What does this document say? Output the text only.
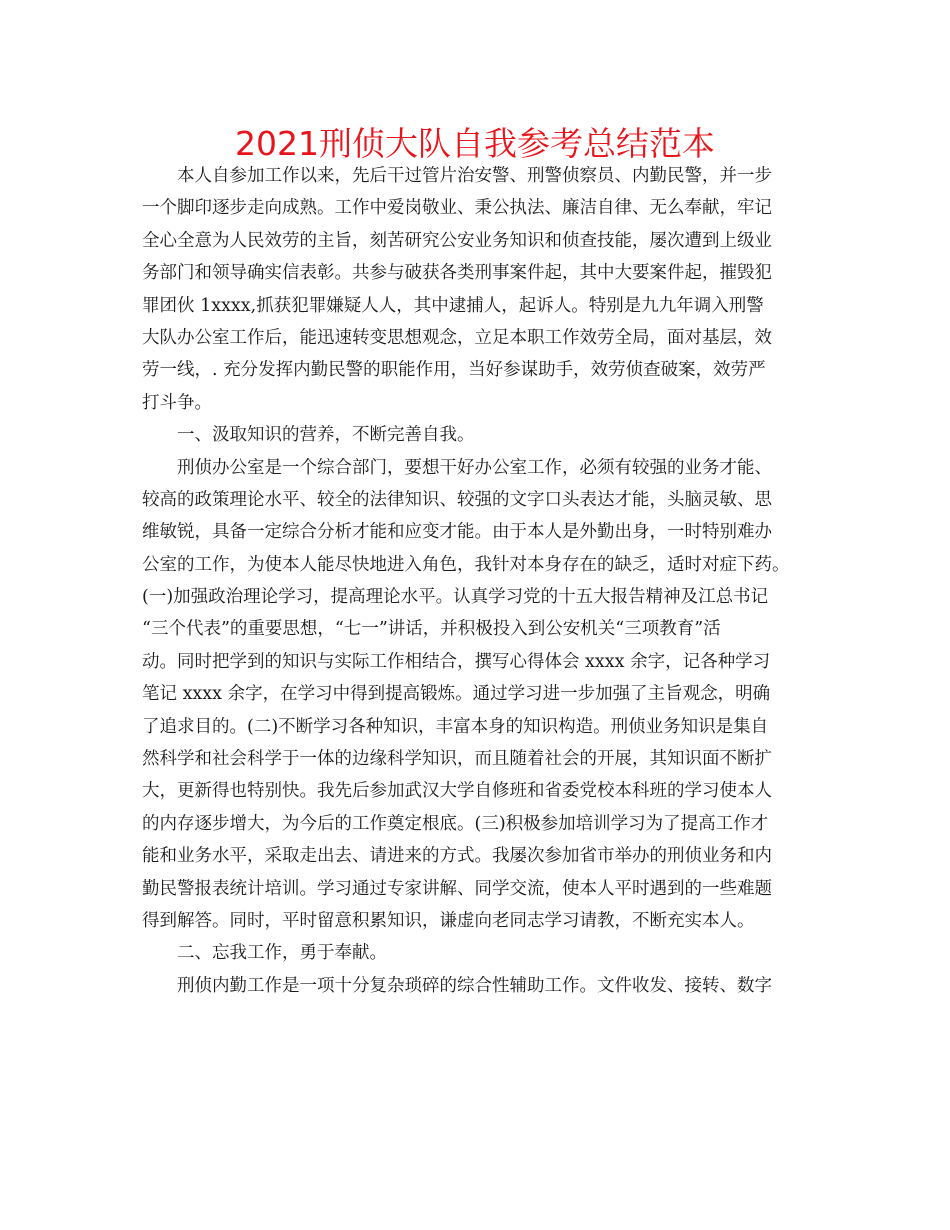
2021刑侦大队自我参考总结范本
本人自参加工作以来，先后干过管片治安警、刑警侦察员、内勤民警，并一步
一个脚印逐步走向成熟。工作中爱岗敬业、秉公执法、廉洁自律、无么奉献，牢记
全心全意为人民效劳的主旨，刻苦研究公安业务知识和侦查技能，屡次遭到上级业
务部门和领导确实信表彰。共参与破获各类刑事案件起，其中大要案件起，摧毁犯
罪团伙 1xxxx,抓获犯罪嫌疑人人，其中逮捕人，起诉人。特别是九九年调入刑警
大队办公室工作后，能迅速转变思想观念，立足本职工作效劳全局，面对基层，效
劳一线，. 充分发挥内勤民警的职能作用，当好参谋助手，效劳侦查破案，效劳严
打斗争。
一、汲取知识的营养，不断完善自我。
刑侦办公室是一个综合部门，要想干好办公室工作，必须有较强的业务才能、
较高的政策理论水平、较全的法律知识、较强的文字口头表达才能，头脑灵敏、思
维敏锐，具备一定综合分析才能和应变才能。由于本人是外勤出身，一时特别难办
公室的工作，为使本人能尽快地进入角色，我针对本身存在的缺乏，适时对症下药。
(一)加强政治理论学习，提高理论水平。认真学习党的十五大报告精神及江总书记
“三个代表”的重要思想，“七一”讲话，并积极投入到公安机关“三项教育”活
动。同时把学到的知识与实际工作相结合，撰写心得体会 xxxx 余字，记各种学习
笔记 xxxx 余字，在学习中得到提高锻炼。通过学习进一步加强了主旨观念，明确
了追求目的。(二)不断学习各种知识，丰富本身的知识构造。刑侦业务知识是集自
然科学和社会科学于一体的边缘科学知识，而且随着社会的开展，其知识面不断扩
大，更新得也特别快。我先后参加武汉大学自修班和省委党校本科班的学习使本人
的内存逐步增大，为今后的工作奠定根底。(三)积极参加培训学习为了提高工作才
能和业务水平，采取走出去、请进来的方式。我屡次参加省市举办的刑侦业务和内
勤民警报表统计培训。学习通过专家讲解、同学交流，使本人平时遇到的一些难题
得到解答。同时，平时留意积累知识，谦虚向老同志学习请教，不断充实本人。
二、忘我工作，勇于奉献。
刑侦内勤工作是一项十分复杂琐碎的综合性辅助工作。文件收发、接转、数字
